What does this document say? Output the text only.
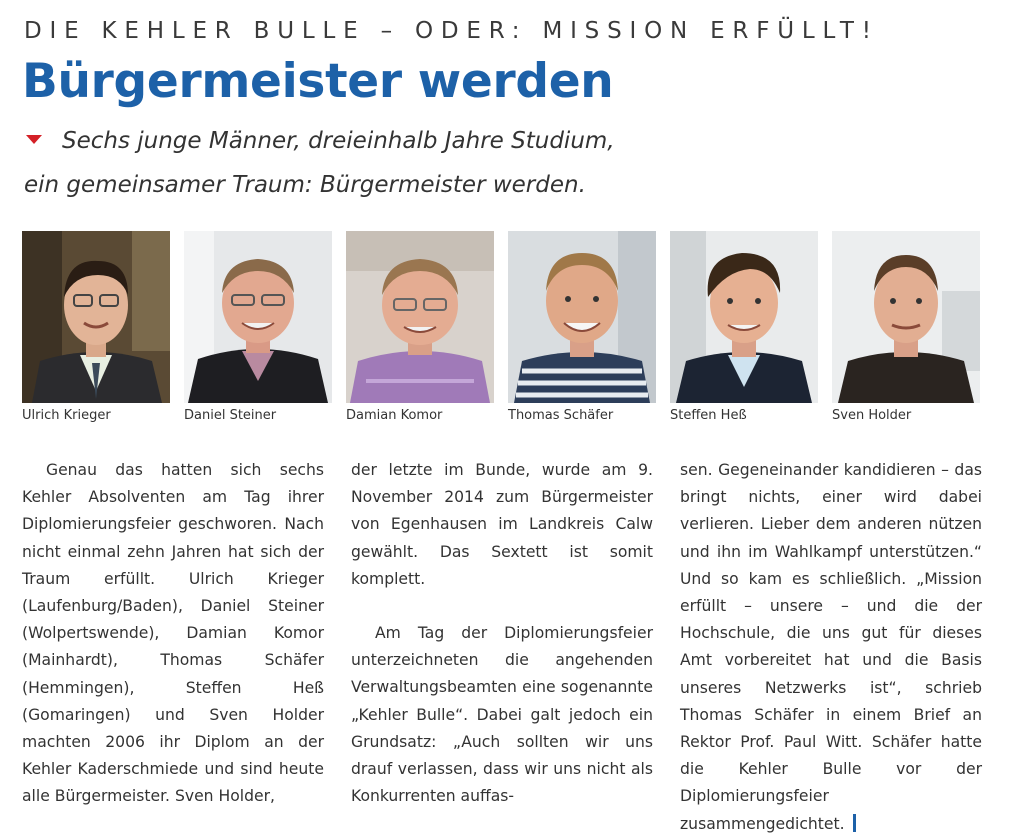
DIE KEHLER BULLE – ODER: MISSION ERFÜLLT!
Bürgermeister werden
Sechs junge Männer, dreieinhalb Jahre Studium,
ein gemeinsamer Traum: Bürgermeister werden.
Ulrich Krieger	Daniel Steiner	Damian Komor	Thomas Schäfer	Steffen Heß	Sven Holder

Genau das hatten sich sechs Kehler Absolventen am Tag ihrer Diplomierungsfeier geschworen. Nach nicht einmal zehn Jahren hat sich der Traum erfüllt. Ulrich Krieger (Laufenburg/Baden), Daniel Steiner (Wolpertswende), Damian Komor (Mainhardt), Thomas Schäfer (Hemmingen), Steffen Heß (Gomaringen) und Sven Holder machten 2006 ihr Diplom an der Kehler Kaderschmiede und sind heute alle Bürgermeister. Sven Holder,

der letzte im Bunde, wurde am 9. November 2014 zum Bürgermeister von Egenhausen im Landkreis Calw gewählt. Das Sextett ist somit komplett.

Am Tag der Diplomierungsfeier unterzeichneten die angehenden Verwaltungsbeamten eine sogenannte „Kehler Bulle“. Dabei galt jedoch ein Grundsatz: „Auch sollten wir uns drauf verlassen, dass wir uns nicht als Konkurrenten auffas-

sen. Gegeneinander kandidieren – das bringt nichts, einer wird dabei verlieren. Lieber dem anderen nützen und ihn im Wahlkampf unterstützen.“ Und so kam es schließlich. „Mission erfüllt – unsere – und die der Hochschule, die uns gut für dieses Amt vorbereitet hat und die Basis unseres Netzwerks ist“, schrieb Thomas Schäfer in einem Brief an Rektor Prof. Paul Witt. Schäfer hatte die Kehler Bulle vor der Diplomierungsfeier zusammengedichtet.
